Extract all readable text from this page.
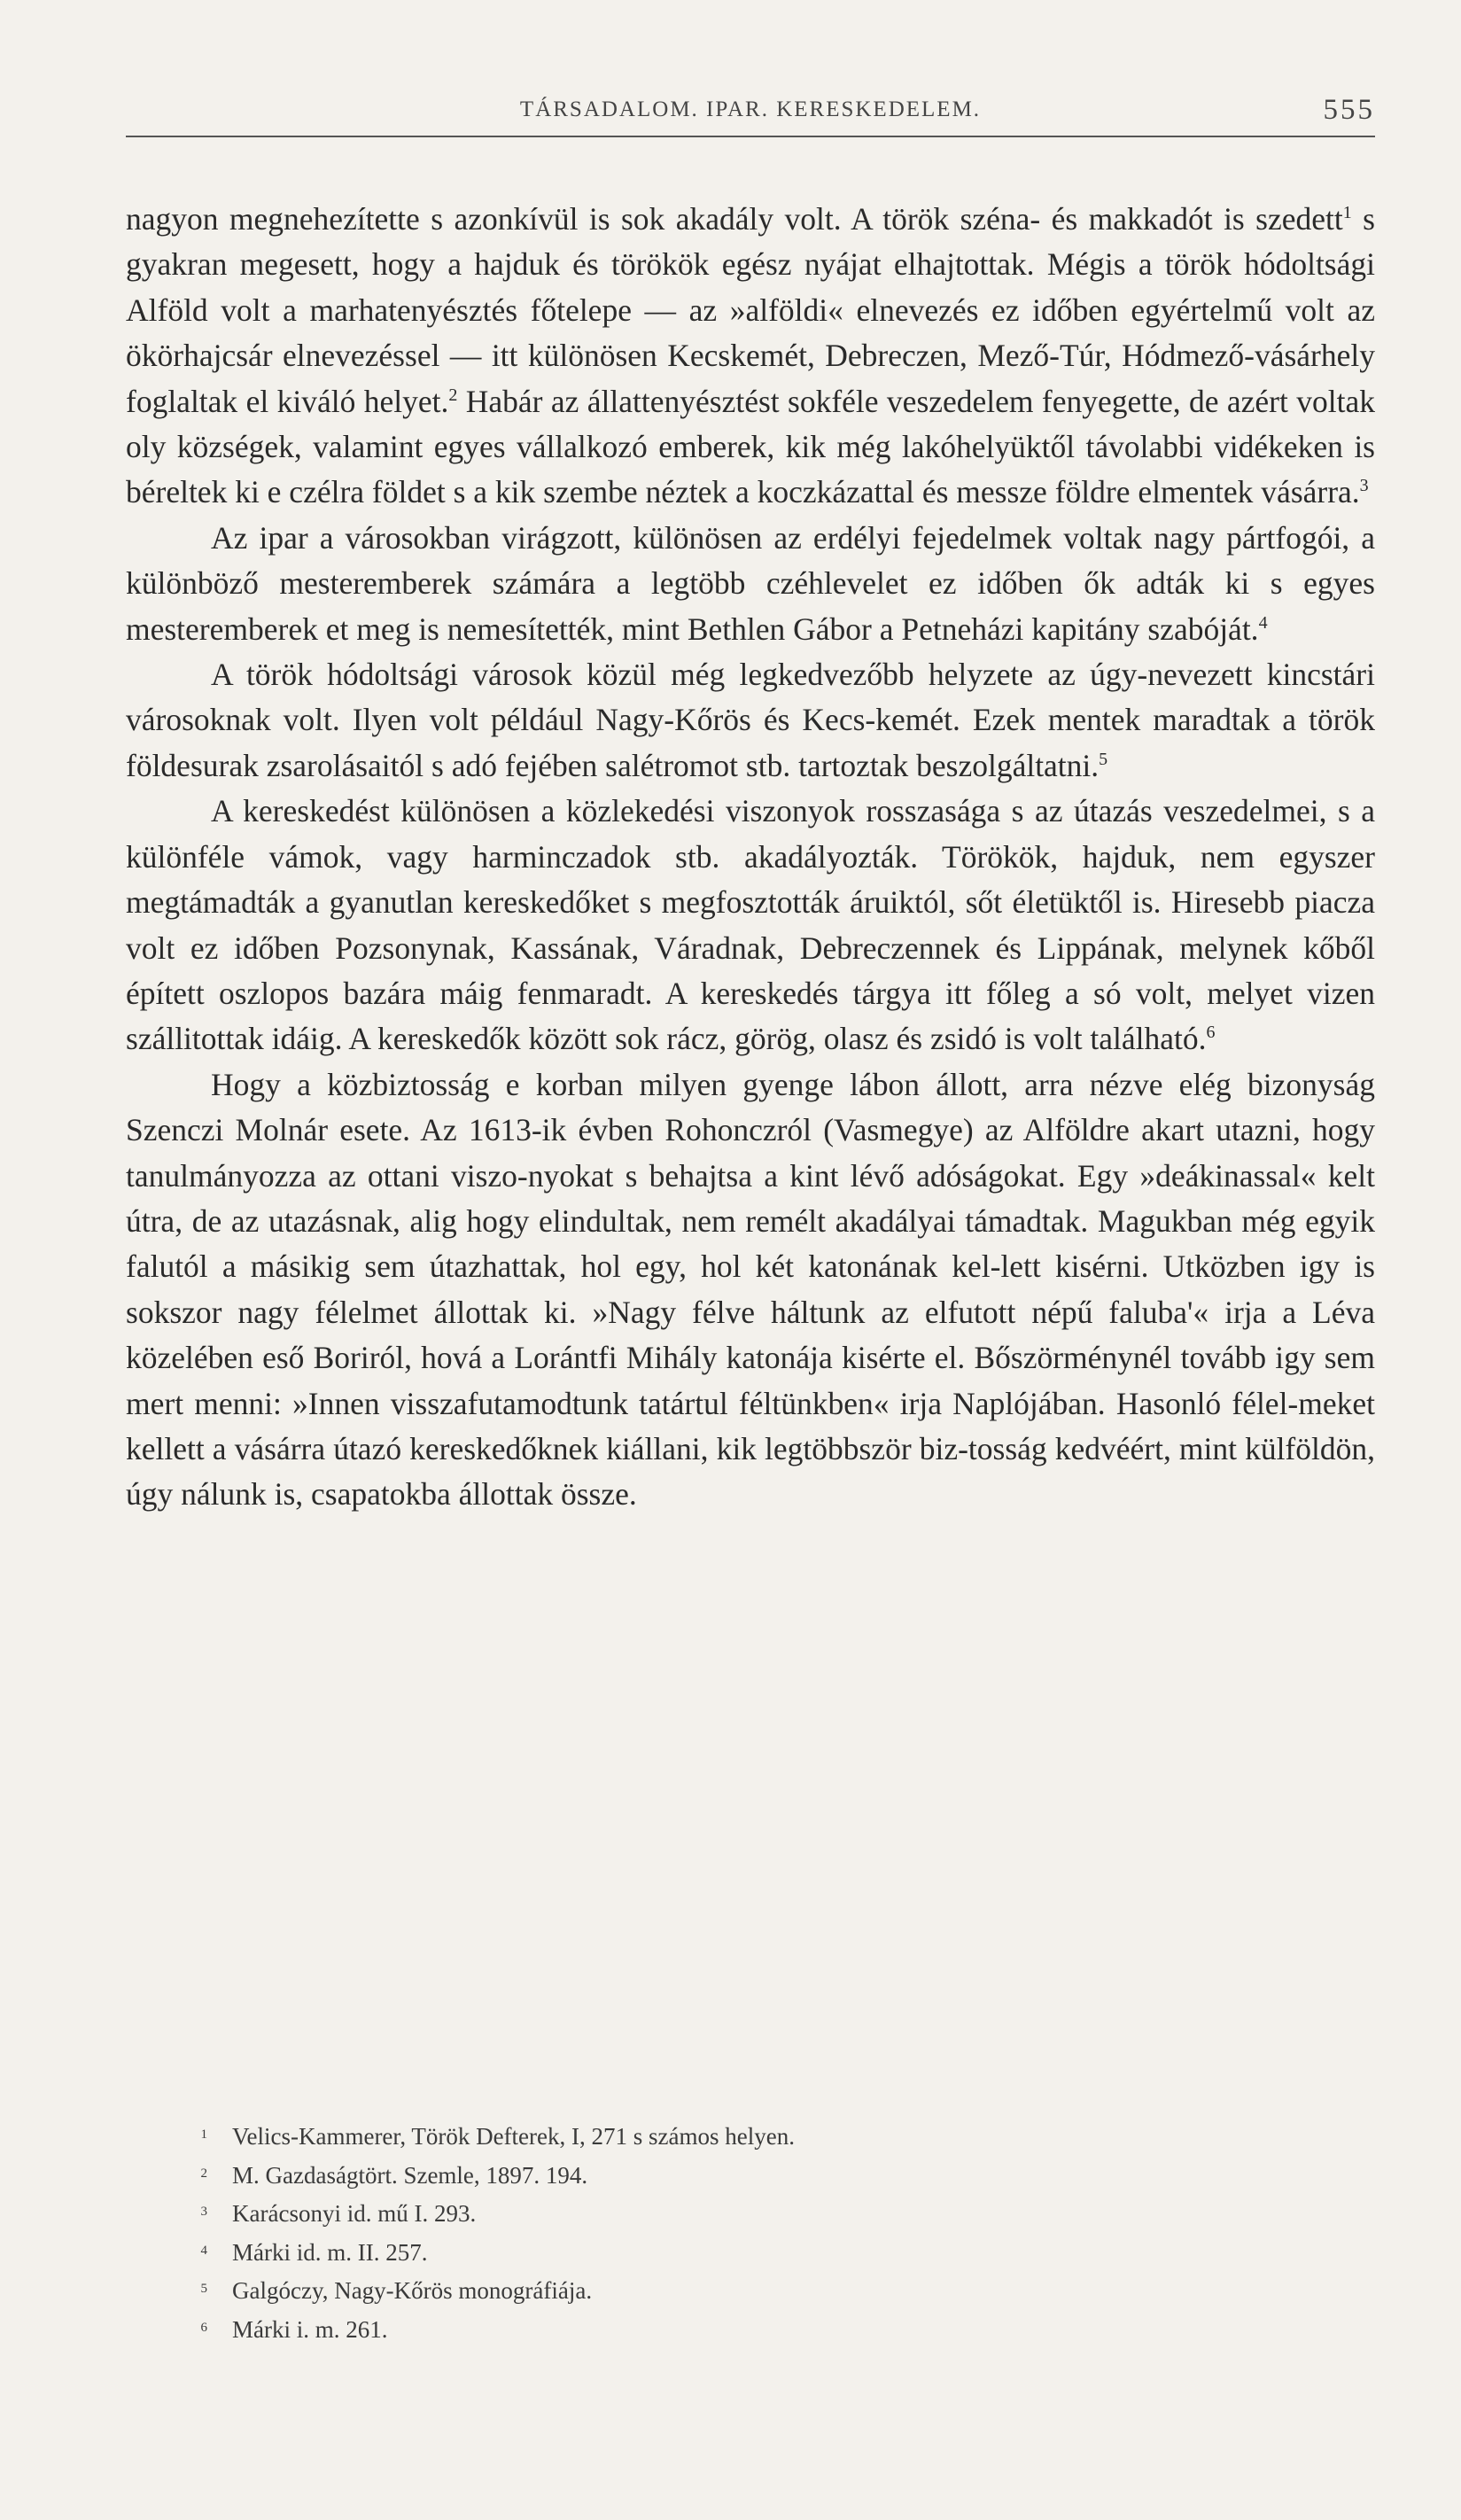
TÁRSADALOM. IPAR. KERESKEDELEM.	555

nagyon megnehezítette s azonkívül is sok akadály volt. A török széna- és makkadót is szedett$^1$ s gyakran megesett, hogy a hajduk és törökök egész nyájat elhajtottak. Mégis a török hódoltsági Alföld volt a marhatenyésztés főtelepe — az »alföldi« elnevezés ez időben egyértelmű volt az ökörhajcsár elnevezéssel — itt különösen Kecskemét, Debreczen, Mező-Túr, Hódmező-vásárhely foglaltak el kiváló helyet.$^2$ Habár az állattenyésztést sokféle veszedelem fenyegette, de azért voltak oly községek, valamint egyes vállalkozó emberek, kik még lakóhelyüktől távolabbi vidékeken is béreltek ki e czélra földet s a kik szembe néztek a koczkázattal és messze földre elmentek vásárra.$^3$

Az ipar a városokban virágzott, különösen az erdélyi fejedelmek voltak nagy pártfogói, a különböző mesteremberek számára a legtöbb czéhlevelet ez időben ők adták ki s egyes mesteremberek et meg is nemesítették, mint Bethlen Gábor a Petneházi kapitány szabóját.$^4$

A török hódoltsági városok közül még legkedvezőbb helyzete az úgy-nevezett kincstári városoknak volt. Ilyen volt például Nagy-Kőrös és Kecs-kemét. Ezek mentek maradtak a török földesurak zsarolásaitól s adó fejében salétromot stb. tartoztak beszolgáltatni.$^5$

A kereskedést különösen a közlekedési viszonyok rosszasága s az útazás veszedelmei, s a különféle vámok, vagy harminczadok stb. akadályozták. Törökök, hajduk, nem egyszer megtámadták a gyanutlan kereskedőket s megfosztották áruiktól, sőt életüktől is. Hiresebb piacza volt ez időben Pozsonynak, Kassának, Váradnak, Debreczennek és Lippának, melynek kőből épített oszlopos bazára máig fenmaradt. A kereskedés tárgya itt főleg a só volt, melyet vizen szállitottak idáig. A kereskedők között sok rácz, görög, olasz és zsidó is volt található.$^6$

Hogy a közbiztosság e korban milyen gyenge lábon állott, arra nézve elég bizonyság Szenczi Molnár esete. Az 1613-ik évben Rohonczról (Vasmegye) az Alföldre akart utazni, hogy tanulmányozza az ottani viszo-nyokat s behajtsa a kint lévő adóságokat. Egy »deákinassal« kelt útra, de az utazásnak, alig hogy elindultak, nem remélt akadályai támadtak. Magukban még egyik falutól a másikig sem útazhattak, hol egy, hol két katonának kel-lett kisérni. Utközben igy is sokszor nagy félelmet állottak ki. »Nagy félve háltunk az elfutott népű faluba'« irja a Léva közelében eső Boriról, hová a Lorántfi Mihály katonája kisérte el. Bőszörménynél tovább igy sem mert menni: »Innen visszafutamodtunk tatártul féltünkben« irja Naplójában. Hasonló félel-meket kellett a vásárra útazó kereskedőknek kiállani, kik legtöbbször biz-tosság kedvéért, mint külföldön, úgy nálunk is, csapatokba állottak össze.

1	Velics-Kammerer, Török Defterek, I, 271 s számos helyen.
2	M. Gazdaságtört. Szemle, 1897. 194.
3	Karácsonyi id. mű I. 293.
4	Márki id. m. II. 257.
5	Galgóczy, Nagy-Kőrös monográfiája.
6	Márki i. m. 261.
